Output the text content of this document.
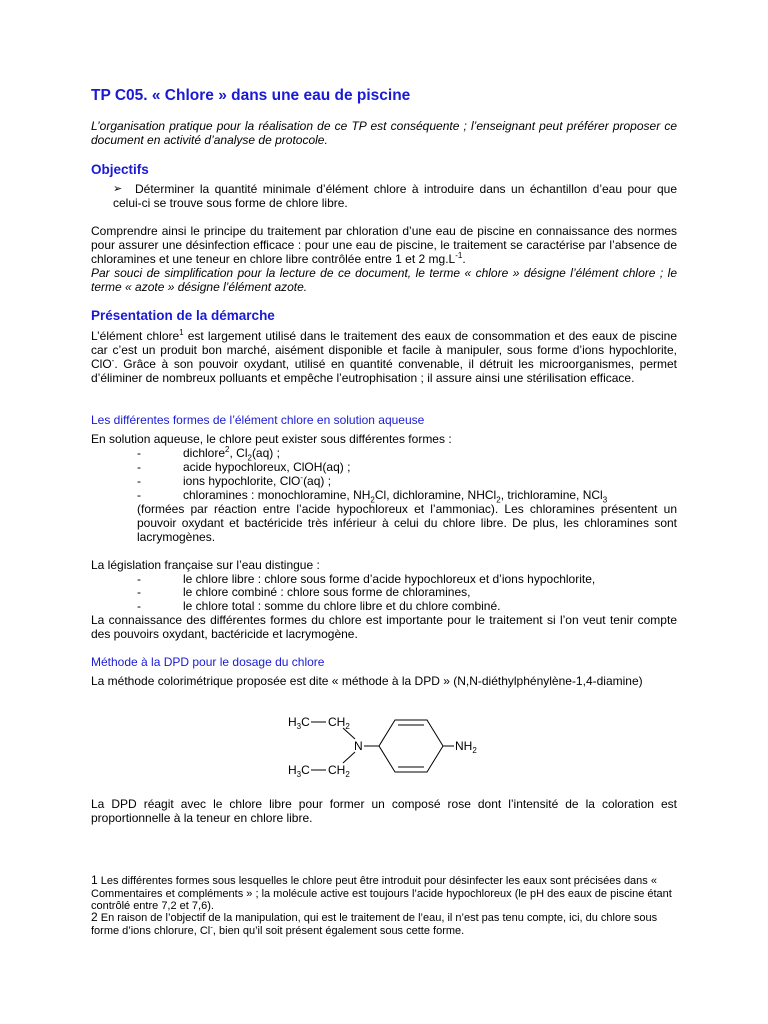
TP C05. « Chlore » dans une eau de piscine

L’organisation pratique pour la réalisation de ce TP est conséquente ; l’enseignant peut préférer proposer ce document en activité d’analyse de protocole.

Objectifs
➢	Déterminer la quantité minimale d’élément chlore à introduire dans un échantillon d’eau pour que celui-ci se trouve sous forme de chlore libre.

Comprendre ainsi le principe du traitement par chloration d’une eau de piscine en connaissance des normes pour assurer une désinfection efficace : pour une eau de piscine, le traitement se caractérise par l’absence de chloramines et une teneur en chlore libre contrôlée entre 1 et 2 $mg.L^{-1}$.

Par souci de simplification pour la lecture de ce document, le terme « chlore » désigne l’élément chlore ; le terme « azote » désigne l’élément azote.

Présentation de la démarche

L’élément chlore$^1$ est largement utilisé dans le traitement des eaux de consommation et des eaux de piscine car c’est un produit bon marché, aisément disponible et facile à manipuler, sous forme d’ions hypochlorite, ClO-. Grâce à son pouvoir oxydant, utilisé en quantité convenable, il détruit les microorganismes, permet d’éliminer de nombreux polluants et empêche l’eutrophisation ; il assure ainsi une stérilisation efficace.

Les différentes formes de l’élément chlore en solution aqueuse

En solution aqueuse, le chlore peut exister sous différentes formes :

-	dichlore$^2$, $Cl_2(aq)$ ;
-	acide hypochloreux, ClOH(aq) ;
-	ions hypochlorite, ClO-(aq) ;
-	chloramines : monochloramine, $NH_2Cl$, dichloramine, NHCl$_2$, trichloramine, NCl$_3$

(formées par réaction entre l’acide hypochloreux et l’ammoniac). Les chloramines présentent un pouvoir oxydant et bactéricide très inférieur à celui du chlore libre. De plus, les chloramines sont lacrymogènes.

La législation française sur l’eau distingue :

-	le chlore libre : chlore sous forme d’acide hypochloreux et d’ions hypochlorite,
-	le chlore combiné : chlore sous forme de chloramines,
-	le chlore total : somme du chlore libre et du chlore combiné.

La connaissance des différentes formes du chlore est importante pour le traitement si l’on veut tenir compte des pouvoirs oxydant, bactéricide et lacrymogène.

Méthode à la DPD pour le dosage du chlore

La méthode colorimétrique proposée est dite « méthode à la DPD » (N,N-diéthylphénylène-1,4-diamine)

$H_3C$ $CH_2$
N
$H_3C$ $CH_2$
$NH_2$

La DPD réagit avec le chlore libre pour former un composé rose dont l’intensité de la coloration est proportionnelle à la teneur en chlore libre.

1 Les différentes formes sous lesquelles le chlore peut être introduit pour désinfecter les eaux sont précisées dans « Commentaires et compléments » ; la molécule active est toujours l’acide hypochloreux (le pH des eaux de piscine étant contrôlé entre 7,2 et 7,6).
2 En raison de l’objectif de la manipulation, qui est le traitement de l’eau, il n’est pas tenu compte, ici, du chlore sous forme d’ions chlorure, Cl-, bien qu’il soit présent également sous cette forme.
